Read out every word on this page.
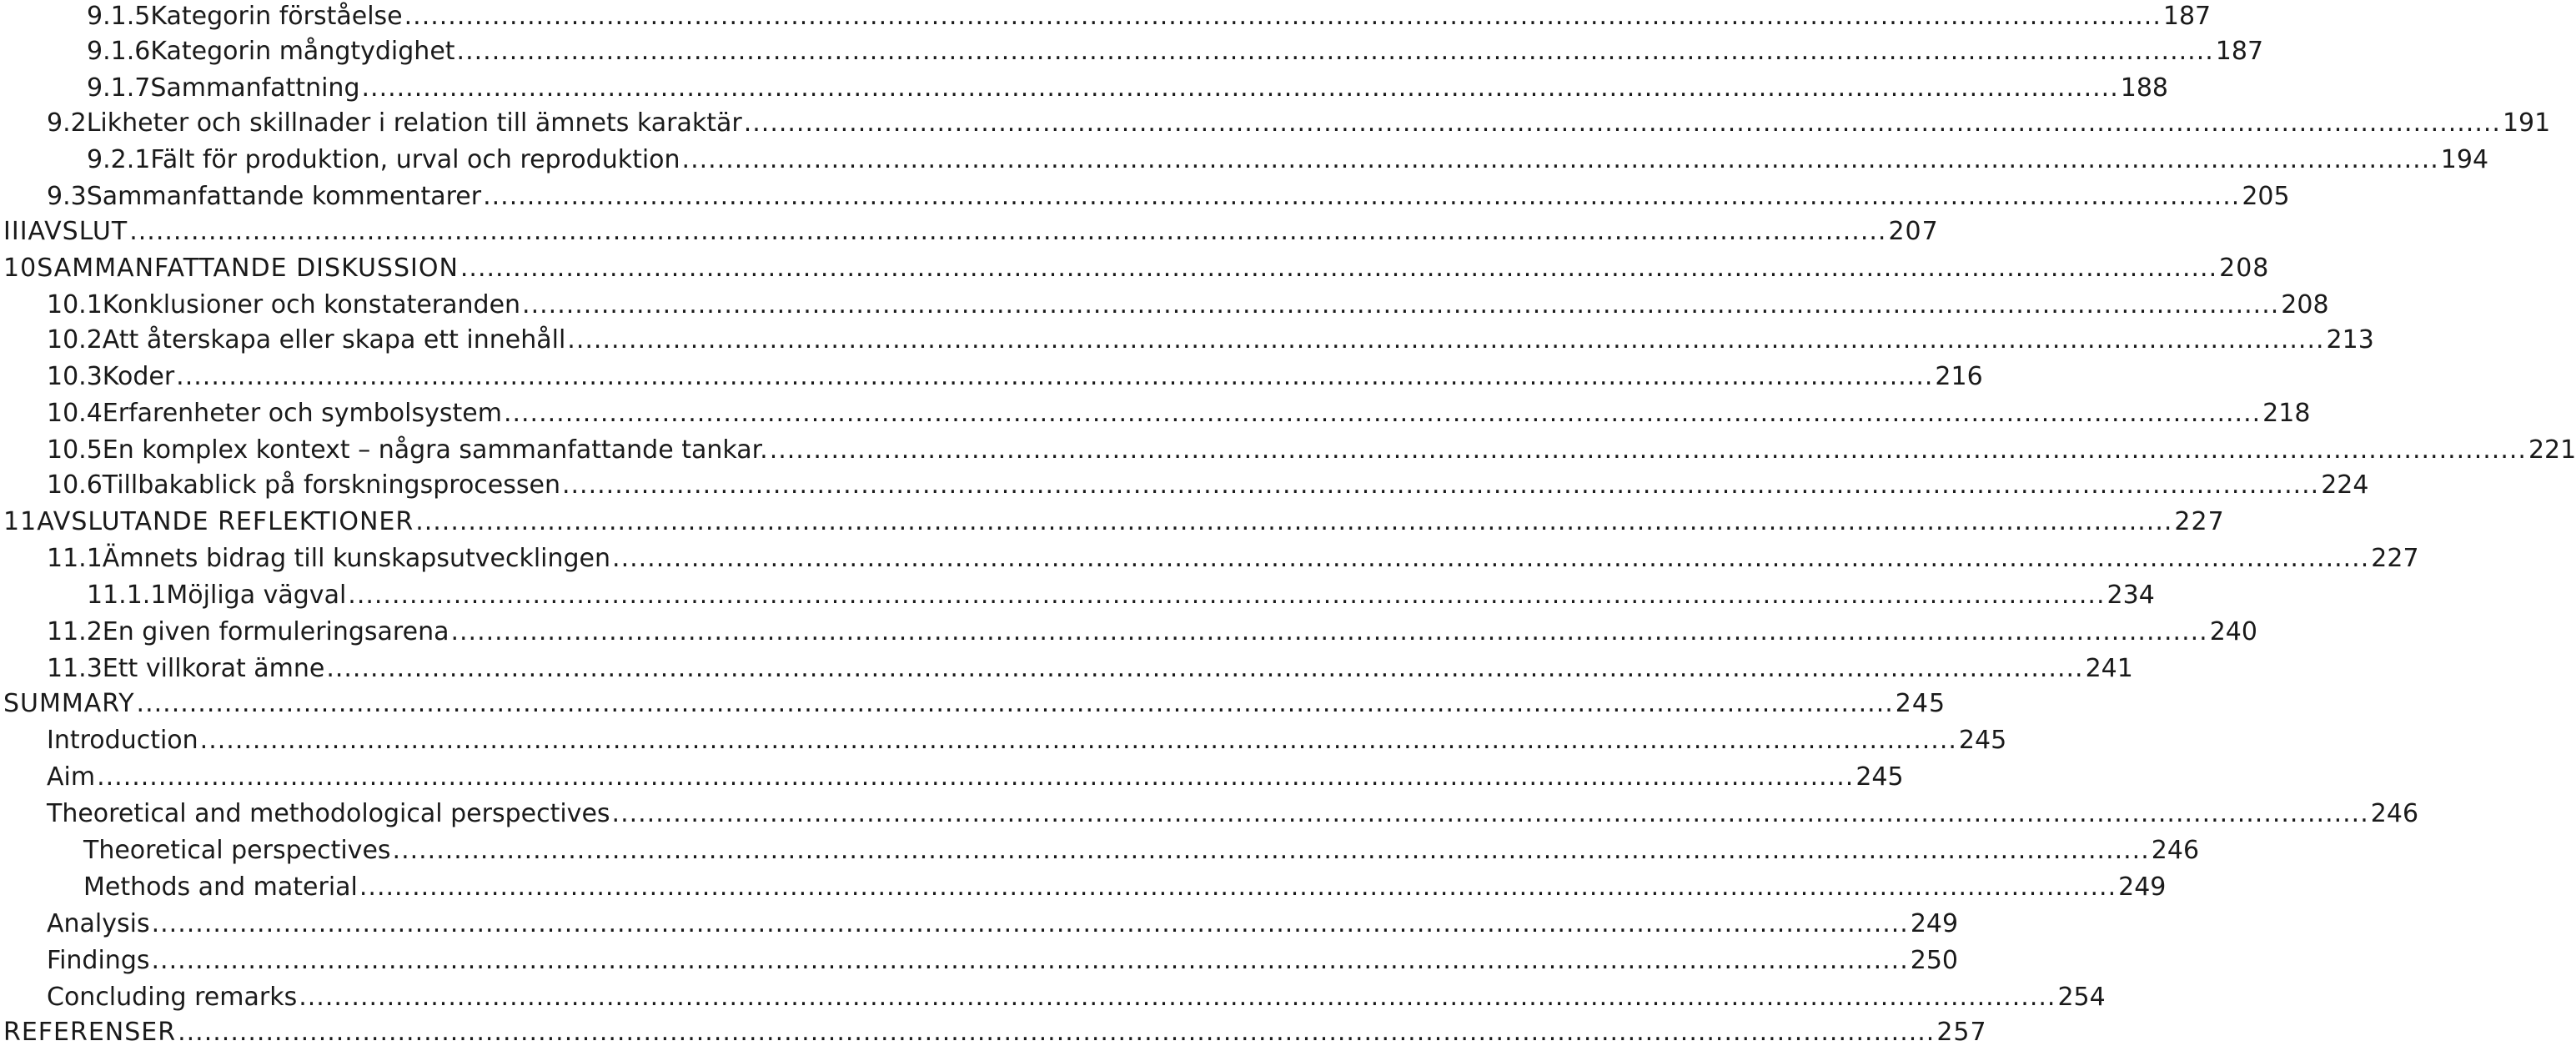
9.1.5 Kategorin förståelse .....	187
9.1.6 Kategorin mångtydighet .....	187
9.1.7 Sammanfattning .....	188
9.2 Likheter och skillnader i relation till ämnets karaktär .....	191
9.2.1 Fält för produktion, urval och reproduktion .....	194
9.3 Sammanfattande kommentarer .....	205
III AVSLUT .....	207
10 SAMMANFATTANDE DISKUSSION .....	208
10.1 Konklusioner och konstateranden .....	208
10.2 Att återskapa eller skapa ett innehåll .....	213
10.3 Koder .....	216
10.4 Erfarenheter och symbolsystem .....	218
10.5 En komplex kontext – några sammanfattande tankar. .....	221
10.6 Tillbakablick på forskningsprocessen .....	224
11 AVSLUTANDE REFLEKTIONER .....	227
11.1 Ämnets bidrag till kunskapsutvecklingen .....	227
11.1.1 Möjliga vägval .....	234
11.2 En given formuleringsarena .....	240
11.3 Ett villkorat ämne .....	241
SUMMARY .....	245
Introduction .....	245
Aim .....	245
Theoretical and methodological perspectives .....	246
Theoretical perspectives .....	246
Methods and material .....	249
Analysis .....	249
Findings .....	250
Concluding remarks .....	254
REFERENSER .....	257
